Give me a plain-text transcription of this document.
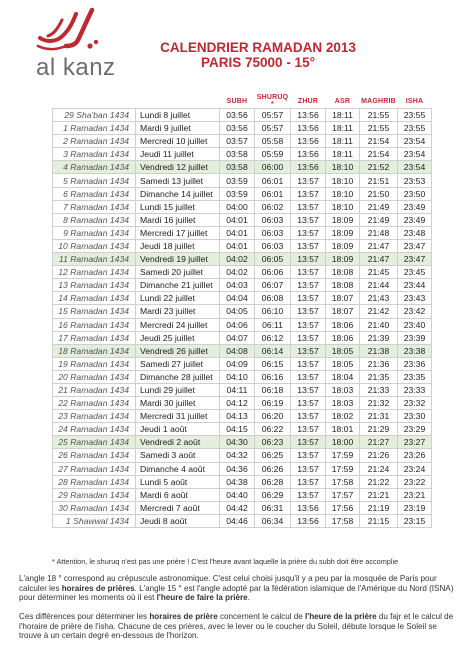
al kanz
CALENDRIER RAMADAN 2013
PARIS 75000 - 15°
		SUBH	SHURUQ *	ZHUR	ASR	MAGHRIB	ISHA
29 Sha'ban 1434	Lundi 8 juillet	03:56	05:57	13:56	18:11	21:55	23:55
1 Ramadan 1434	Mardi 9 juillet	03:56	05:57	13:56	18:11	21:55	23:55
2 Ramadan 1434	Mercredi 10 juillet	03:57	05:58	13:56	18:11	21:54	23:54
3 Ramadan 1434	Jeudi 11 juillet	03:58	05:59	13:56	18:11	21:54	23:54
4 Ramadan 1434	Vendredi 12 juillet	03:58	06:00	13:56	18:10	21:52	23:54
5 Ramadan 1434	Samedi 13 juillet	03:59	06:01	13:57	18:10	21:51	23:53
6 Ramadan 1434	Dimanche 14 juillet	03:59	06:01	13:57	18:10	21:50	23:50
7 Ramadan 1434	Lundi 15 juillet	04:00	06:02	13:57	18:10	21:49	23:49
8 Ramadan 1434	Mardi 16 juillet	04:01	06:03	13:57	18:09	21:49	23:49
9 Ramadan 1434	Mercredi 17 juillet	04:01	06:03	13:57	18:09	21:48	23:48
10 Ramadan 1434	Jeudi 18 juillet	04:01	06:03	13:57	18:09	21:47	23:47
11 Ramadan 1434	Vendredi 19 juillet	04:02	06:05	13:57	18:09	21:47	23:47
12 Ramadan 1434	Samedi 20 juillet	04:02	06:06	13:57	18:08	21:45	23:45
13 Ramadan 1434	Dimanche 21 juillet	04:03	06:07	13:57	18:08	21:44	23:44
14 Ramadan 1434	Lundi 22 juillet	04:04	06:08	13:57	18:07	21:43	23:43
15 Ramadan 1434	Mardi 23 juillet	04:05	06:10	13:57	18:07	21:42	23:42
16 Ramadan 1434	Mercredi 24 juillet	04:06	06:11	13:57	18:06	21:40	23:40
17 Ramadan 1434	Jeudi 25 juillet	04:07	06:12	13:57	18:06	21:39	23:39
18 Ramadan 1434	Vendredi 26 juillet	04:08	06:14	13:57	18:05	21:38	23:38
19 Ramadan 1434	Samedi 27 juillet	04:09	06:15	13:57	18:05	21:36	23:36
20 Ramadan 1434	Dimanche 28 juillet	04:10	06:16	13:57	18:04	21:35	23:35
21 Ramadan 1434	Lundi 29 juillet	04:11	06:18	13:57	18:03	21:33	23:33
22 Ramadan 1434	Mardi 30 juillet	04:12	06:19	13:57	18:03	21:32	23:32
23 Ramadan 1434	Mercredi 31 juillet	04:13	06:20	13:57	18:02	21:31	23:30
24 Ramadan 1434	Jeudi 1 août	04:15	06:22	13:57	18:01	21:29	23:29
25 Ramadan 1434	Vendredi 2 août	04:30	06:23	13:57	18:00	21:27	23:27
26 Ramadan 1434	Samedi 3 août	04:32	06:25	13:57	17:59	21:26	23:26
27 Ramadan 1434	Dimanche 4 août	04:36	06:26	13:57	17:59	21:24	23:24
28 Ramadan 1434	Lundi 5 août	04:38	06:28	13:57	17:58	21:22	23:22
29 Ramadan 1434	Mardi 6 août	04:40	06:29	13:57	17:57	21:21	23:21
30 Ramadan 1434	Mercredi 7 août	04:42	06:31	13:56	17:56	21:19	23:19
1 Shawwal 1434	Jeudi 8 août	04:46	06:34	13:56	17:58	21:15	23:15
* Attention, le shuruq n'est pas une prière ! C'est l'heure avant laquelle la prière du subh doit être accomplie
L'angle 18 ° correspond au crépuscule astronomique. C'est celui choisi jusqu'il y a peu par la mosquée de Paris pour calculer les horaires de prières. L'angle 15 ° est l'angle adopté par la fédération islamique de l'Amérique du Nord (ISNA) pour déterminer les moments où il est l'heure de faire la prière.
Ces différences pour déterminer les horaires de prière concernent le calcul de l'heure de la prière du fajr et le calcul de l'horaire de prière de l'isha. Chacune de ces prières, avec le lever ou le coucher du Soleil, débute lorsque le Soleil se trouve à un certain degré en-dessous de l'horizon.
